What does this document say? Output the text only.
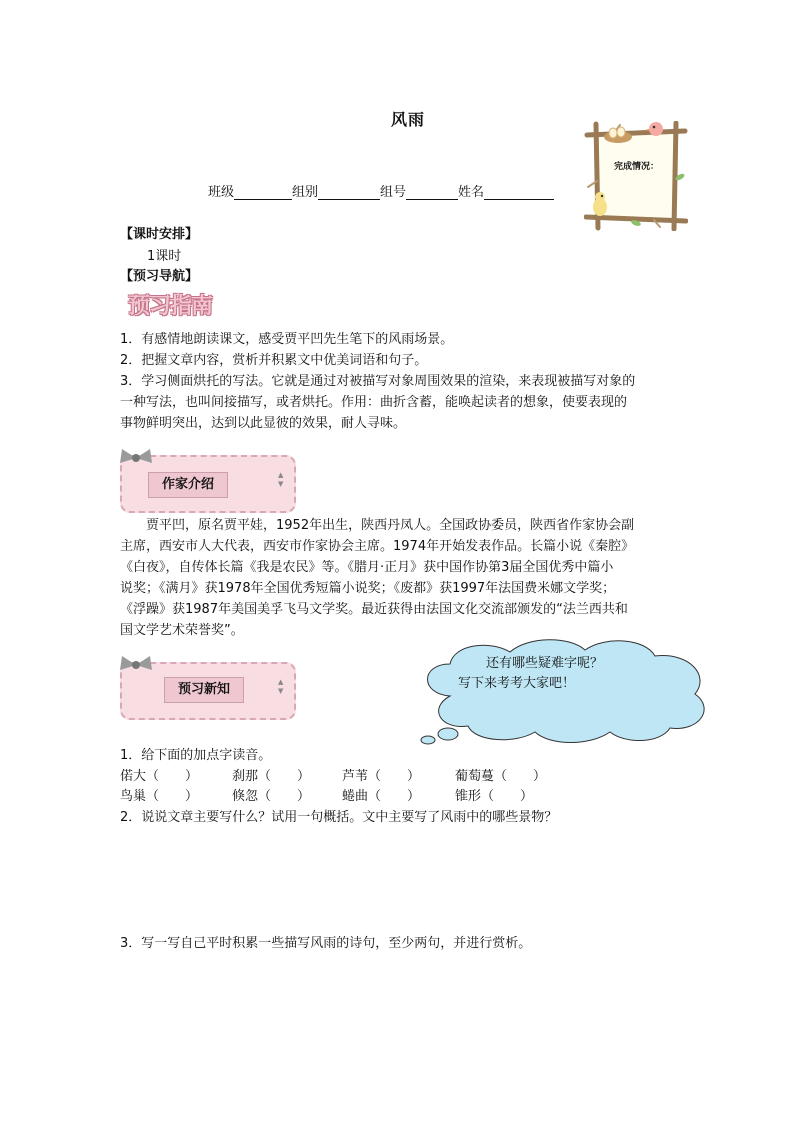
风雨
班级	组别	组号	姓名
完成情况：
【课时安排】
1课时
【预习导航】
预习指南
1．有感情地朗读课文，感受贾平凹先生笔下的风雨场景。
2．把握文章内容，赏析并积累文中优美词语和句子。
3．学习侧面烘托的写法。它就是通过对被描写对象周围效果的渲染，来表现被描写对象的
一种写法，也叫间接描写，或者烘托。作用：曲折含蓄，能唤起读者的想象，使要表现的
事物鲜明突出，达到以此显彼的效果，耐人寻味。
作家介绍
▲
▼
贾平凹，原名贾平娃，1952年出生，陕西丹凤人。全国政协委员，陕西省作家协会副
主席，西安市人大代表，西安市作家协会主席。1974年开始发表作品。长篇小说《秦腔》
《白夜》，自传体长篇《我是农民》等。《腊月·正月》获中国作协第3届全国优秀中篇小
说奖；《满月》获1978年全国优秀短篇小说奖；《废都》获1997年法国费米娜文学奖；
《浮躁》获1987年美国美孚飞马文学奖。最近获得由法国文化交流部颁发的“法兰西共和
国文学艺术荣誉奖”。
预习新知	▲
▼
还有哪些疑难字呢？
写下来考考大家吧！
1．给下面的加点字读音。
偌大（　　）	刹那（　　） 芦苇（　　）	葡萄蔓（　　）
鸟巢（　　）	倏忽（　　） 蜷曲（　　）	锥形（　　）
2．说说文章主要写什么？试用一句概括。文中主要写了风雨中的哪些景物？
3．写一写自己平时积累一些描写风雨的诗句，至少两句，并进行赏析。
